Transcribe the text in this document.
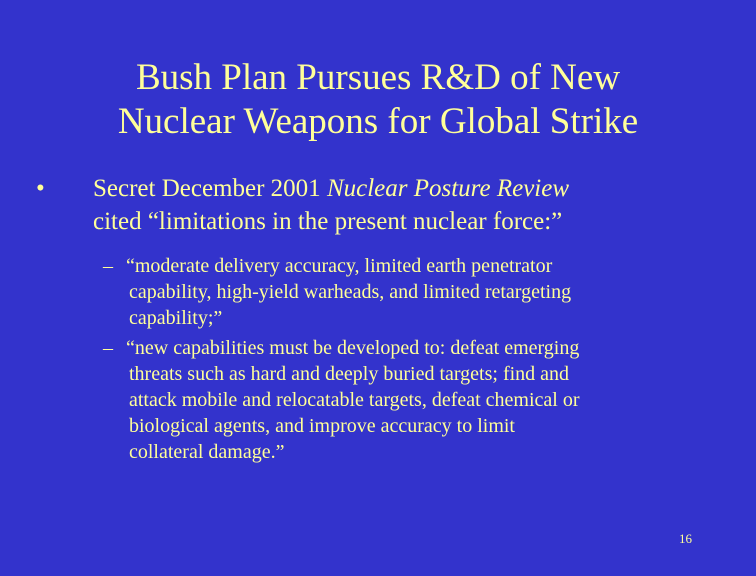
Bush Plan Pursues R&D of New
Nuclear Weapons for Global Strike
• Secret December 2001 Nuclear Posture Review
cited “limitations in the present nuclear force:”
– “moderate delivery accuracy, limited earth penetrator
capability, high-yield warheads, and limited retargeting
capability;”
– “new capabilities must be developed to: defeat emerging
threats such as hard and deeply buried targets; find and
attack mobile and relocatable targets, defeat chemical or
biological agents, and improve accuracy to limit
collateral damage.”
16
